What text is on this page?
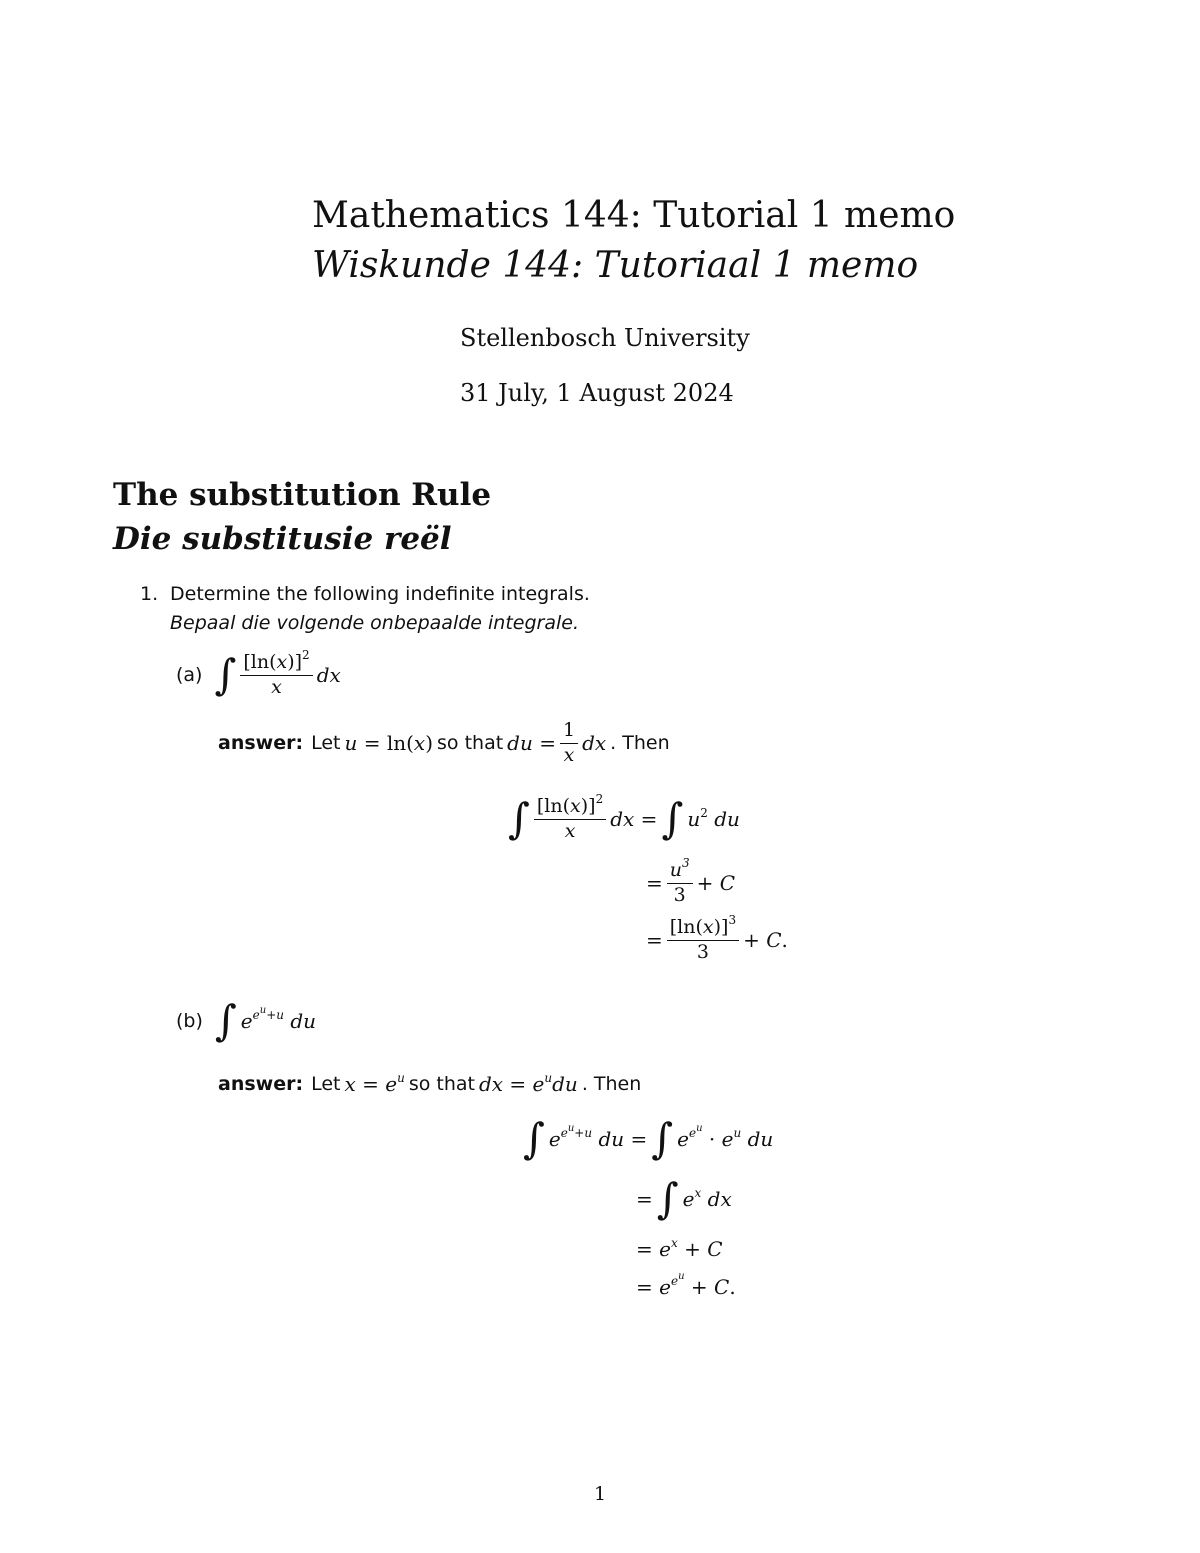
Mathematics 144: Tutorial 1 memo
Wiskunde 144: Tutoriaal 1 memo
Stellenbosch University
31 July, 1 August 2024
The substitution Rule
Die substitusie reël
1. Determine the following indefinite integrals.
Bepaal die volgende onbepaalde integrale.
(a) ∫ $\frac{[\ln(x)]^2}{x}$ dx
answer: Let u = ln(x) so that du = $\frac{1}{x}$ dx . Then
∫ $\frac{[\ln(x)]^2}{x}$ dx = ∫ $u^2$ du
= $\frac{u^3}{3} + C$
= $\frac{[\ln(x)]^3}{3} + C$.
(b) ∫ $e^{e^u+u}$ du
answer: Let $x = e^u$ so that dx = $e^udu$ . Then
∫ $e^{e^u+u}$ du = ∫ $e^{e^u} \cdot e^u$ du
= ∫ $e^x$ dx
= $e^x + C$
= $e^{e^u} + C$.
1
